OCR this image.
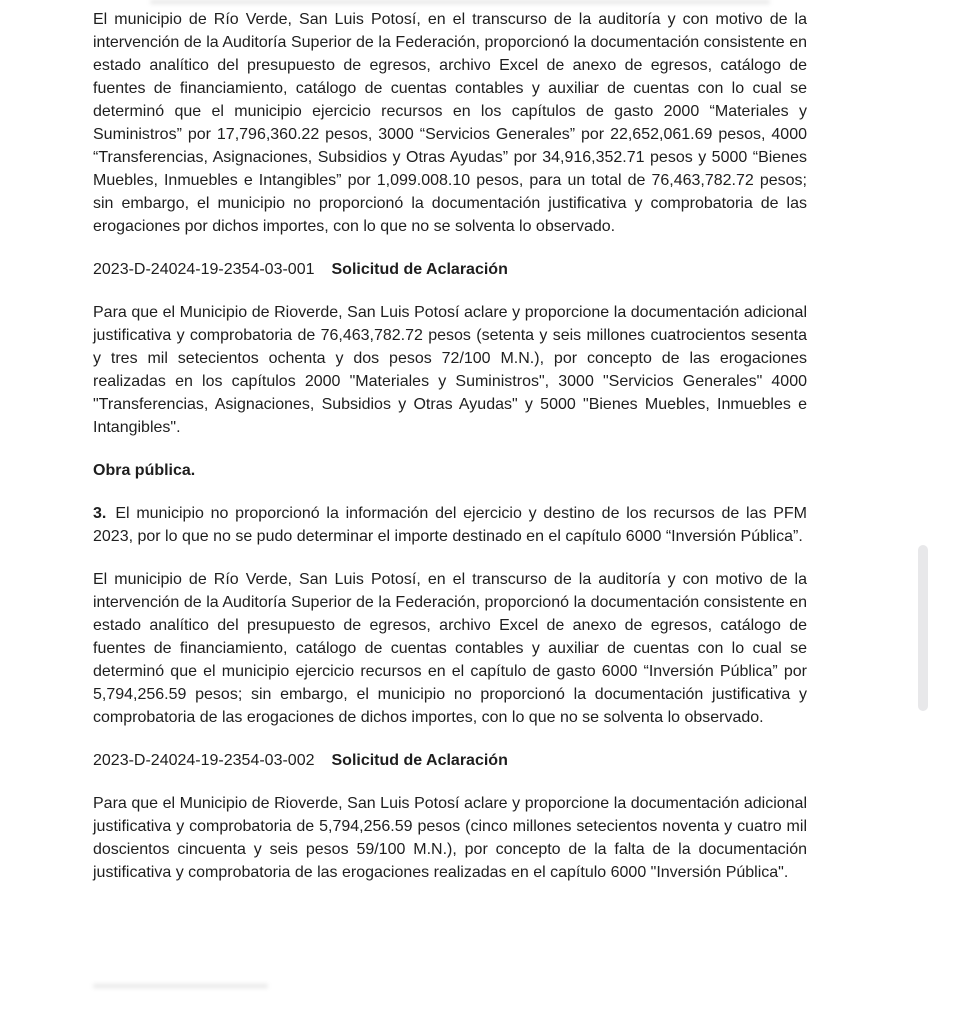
El municipio de Río Verde, San Luis Potosí, en el transcurso de la auditoría y con motivo de la intervención de la Auditoría Superior de la Federación, proporcionó la documentación consistente en estado analítico del presupuesto de egresos, archivo Excel de anexo de egresos, catálogo de fuentes de financiamiento, catálogo de cuentas contables y auxiliar de cuentas con lo cual se determinó que el municipio ejercicio recursos en los capítulos de gasto 2000 “Materiales y Suministros” por 17,796,360.22 pesos, 3000 “Servicios Generales” por 22,652,061.69 pesos, 4000 “Transferencias, Asignaciones, Subsidios y Otras Ayudas” por 34,916,352.71 pesos y 5000 “Bienes Muebles, Inmuebles e Intangibles” por 1,099.008.10 pesos, para un total de 76,463,782.72 pesos; sin embargo, el municipio no proporcionó la documentación justificativa y comprobatoria de las erogaciones por dichos importes, con lo que no se solventa lo observado.

2023-D-24024-19-2354-03-001 Solicitud de Aclaración

Para que el Municipio de Rioverde, San Luis Potosí aclare y proporcione la documentación adicional justificativa y comprobatoria de 76,463,782.72 pesos (setenta y seis millones cuatrocientos sesenta y tres mil setecientos ochenta y dos pesos 72/100 M.N.), por concepto de las erogaciones realizadas en los capítulos 2000 "Materiales y Suministros", 3000 "Servicios Generales" 4000 "Transferencias, Asignaciones, Subsidios y Otras Ayudas" y 5000 "Bienes Muebles, Inmuebles e Intangibles".

Obra pública.

3. El municipio no proporcionó la información del ejercicio y destino de los recursos de las PFM 2023, por lo que no se pudo determinar el importe destinado en el capítulo 6000 “Inversión Pública”.

El municipio de Río Verde, San Luis Potosí, en el transcurso de la auditoría y con motivo de la intervención de la Auditoría Superior de la Federación, proporcionó la documentación consistente en estado analítico del presupuesto de egresos, archivo Excel de anexo de egresos, catálogo de fuentes de financiamiento, catálogo de cuentas contables y auxiliar de cuentas con lo cual se determinó que el municipio ejercicio recursos en el capítulo de gasto 6000 “Inversión Pública” por 5,794,256.59 pesos; sin embargo, el municipio no proporcionó la documentación justificativa y comprobatoria de las erogaciones de dichos importes, con lo que no se solventa lo observado.

2023-D-24024-19-2354-03-002 Solicitud de Aclaración

Para que el Municipio de Rioverde, San Luis Potosí aclare y proporcione la documentación adicional justificativa y comprobatoria de 5,794,256.59 pesos (cinco millones setecientos noventa y cuatro mil doscientos cincuenta y seis pesos 59/100 M.N.), por concepto de la falta de la documentación justificativa y comprobatoria de las erogaciones realizadas en el capítulo 6000 "Inversión Pública".
